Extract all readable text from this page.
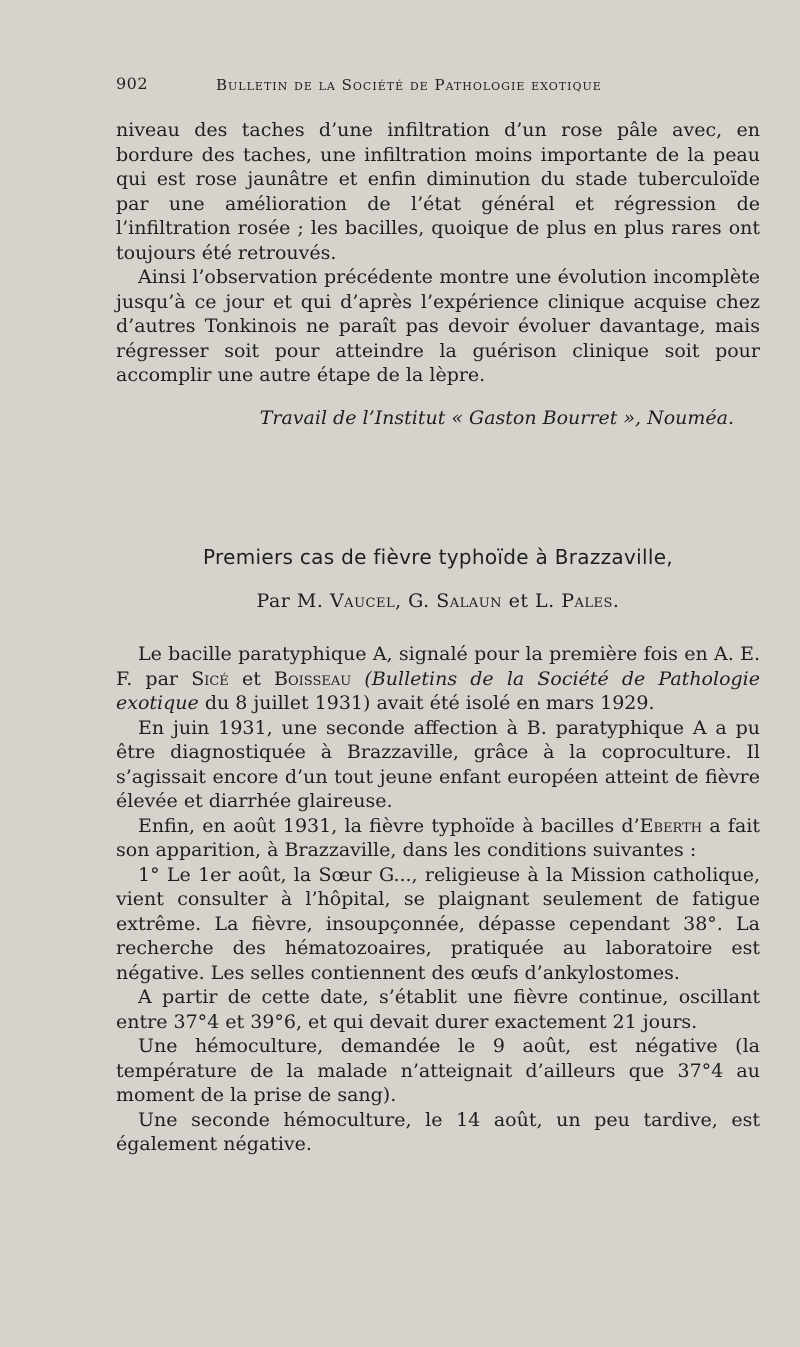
902	Bulletin de la Société de Pathologie exotique

niveau des taches d’une infiltration d’un rose pâle avec, en bordure des taches, une infiltration moins importante de la peau qui est rose jaunâtre et enfin diminution du stade tuberculoïde par une amélioration de l’état général et régression de l’infiltration rosée ; les bacilles, quoique de plus en plus rares ont toujours été retrouvés.

Ainsi l’observation précédente montre une évolution incomplète jusqu’à ce jour et qui d’après l’expérience clinique acquise chez d’autres Tonkinois ne paraît pas devoir évoluer davantage, mais régresser soit pour atteindre la guérison clinique soit pour accomplir une autre étape de la lèpre.

Travail de l’Institut « Gaston Bourret », Nouméa.
Premiers cas de fièvre typhoïde à Brazzaville,
Par M. Vaucel, G. Salaun et L. Pales.

Le bacille paratyphique A, signalé pour la première fois en A. E. F. par Sicé et Boisseau (Bulletins de la Société de Pathologie exotique du 8 juillet 1931) avait été isolé en mars 1929.

En juin 1931, une seconde affection à B. paratyphique A a pu être diagnostiquée à Brazzaville, grâce à la coproculture. Il s’agissait encore d’un tout jeune enfant européen atteint de fièvre élevée et diarrhée glaireuse.

Enfin, en août 1931, la fièvre typhoïde à bacilles d’Eberth a fait son apparition, à Brazzaville, dans les conditions suivantes :

1° Le 1er août, la Sœur G..., religieuse à la Mission catholique, vient consulter à l’hôpital, se plaignant seulement de fatigue extrême. La fièvre, insoupçonnée, dépasse cependant 38°. La recherche des hématozoaires, pratiquée au laboratoire est négative. Les selles contiennent des œufs d’ankylostomes.

A partir de cette date, s’établit une fièvre continue, oscillant entre 37°4 et 39°6, et qui devait durer exactement 21 jours.

Une hémoculture, demandée le 9 août, est négative (la température de la malade n’atteignait d’ailleurs que 37°4 au moment de la prise de sang).

Une seconde hémoculture, le 14 août, un peu tardive, est également négative.
